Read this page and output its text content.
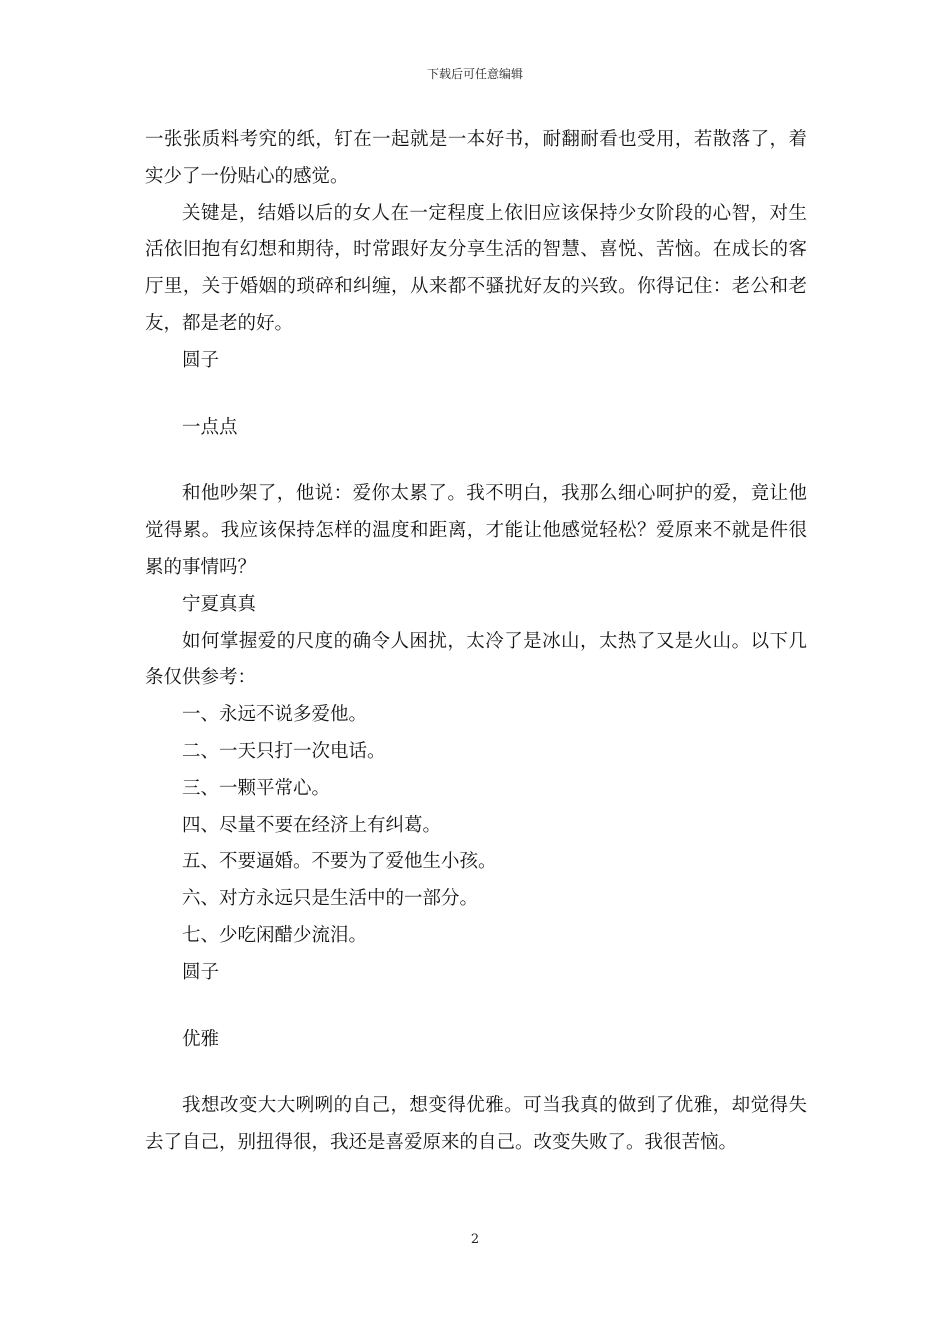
下载后可任意编辑

一张张质料考究的纸，钉在一起就是一本好书，耐翻耐看也受用，若散落了，着实少了一份贴心的感觉。

关键是，结婚以后的女人在一定程度上依旧应该保持少女阶段的心智，对生活依旧抱有幻想和期待，时常跟好友分享生活的智慧、喜悦、苦恼。在成长的客厅里，关于婚姻的琐碎和纠缠，从来都不骚扰好友的兴致。你得记住：老公和老友，都是老的好。

圆子

一点点

和他吵架了，他说：爱你太累了。我不明白，我那么细心呵护的爱，竟让他觉得累。我应该保持怎样的温度和距离，才能让他感觉轻松？爱原来不就是件很累的事情吗？

宁夏真真

如何掌握爱的尺度的确令人困扰，太冷了是冰山，太热了又是火山。以下几条仅供参考：

一、永远不说多爱他。

二、一天只打一次电话。

三、一颗平常心。

四、尽量不要在经济上有纠葛。

五、不要逼婚。不要为了爱他生小孩。

六、对方永远只是生活中的一部分。

七、少吃闲醋少流泪。

圆子

优雅

我想改变大大咧咧的自己，想变得优雅。可当我真的做到了优雅，却觉得失去了自己，别扭得很，我还是喜爱原来的自己。改变失败了。我很苦恼。

2
